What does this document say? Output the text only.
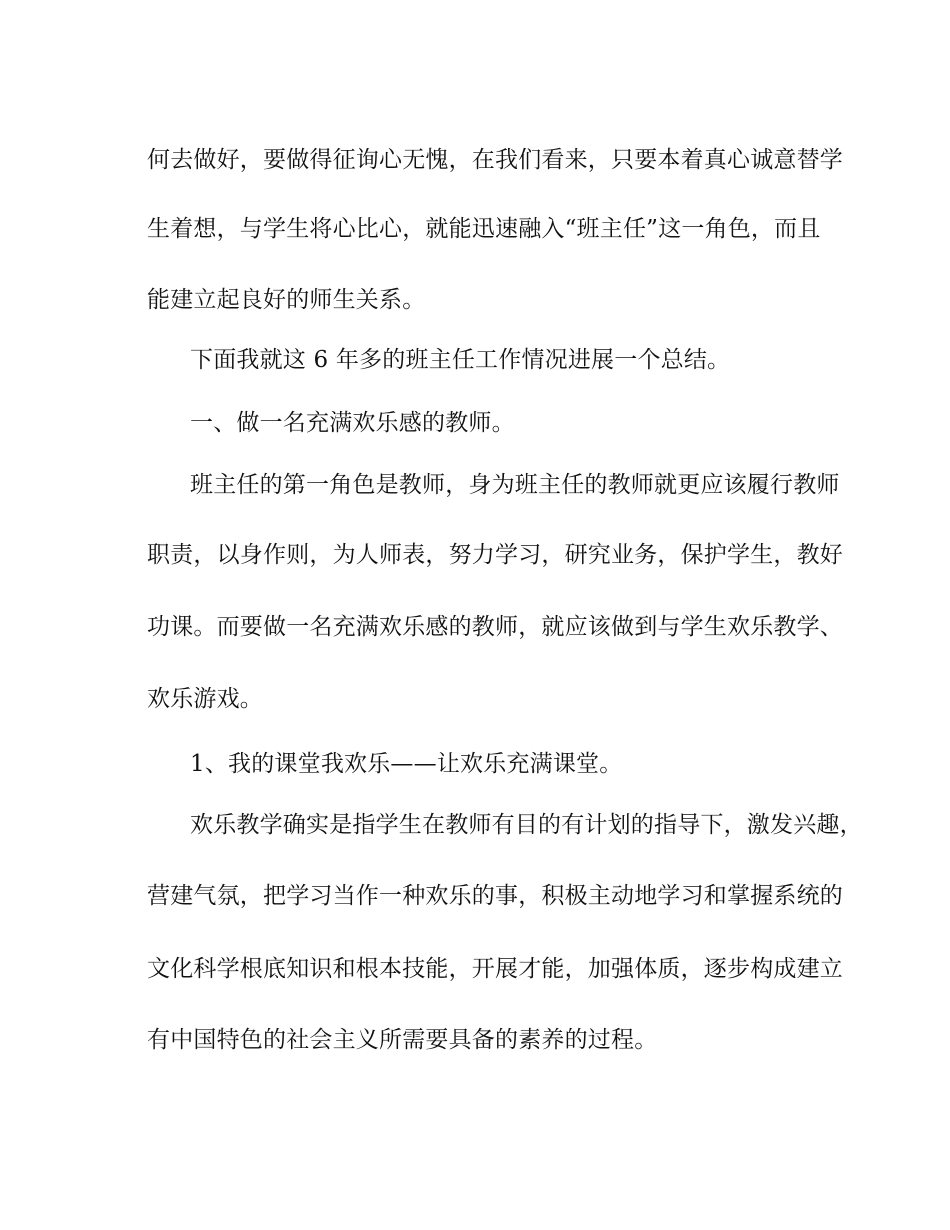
何去做好，要做得征询心无愧，在我们看来，只要本着真心诚意替学
生着想，与学生将心比心，就能迅速融入“班主任”这一角色，而且
能建立起良好的师生关系。
下面我就这 6 年多的班主任工作情况进展一个总结。
一、做一名充满欢乐感的教师。
班主任的第一角色是教师，身为班主任的教师就更应该履行教师
职责，以身作则，为人师表，努力学习，研究业务，保护学生，教好
功课。而要做一名充满欢乐感的教师，就应该做到与学生欢乐教学、
欢乐游戏。
1、我的课堂我欢乐——让欢乐充满课堂。
欢乐教学确实是指学生在教师有目的有计划的指导下，激发兴趣，
营建气氛，把学习当作一种欢乐的事，积极主动地学习和掌握系统的
文化科学根底知识和根本技能，开展才能，加强体质，逐步构成建立
有中国特色的社会主义所需要具备的素养的过程。
